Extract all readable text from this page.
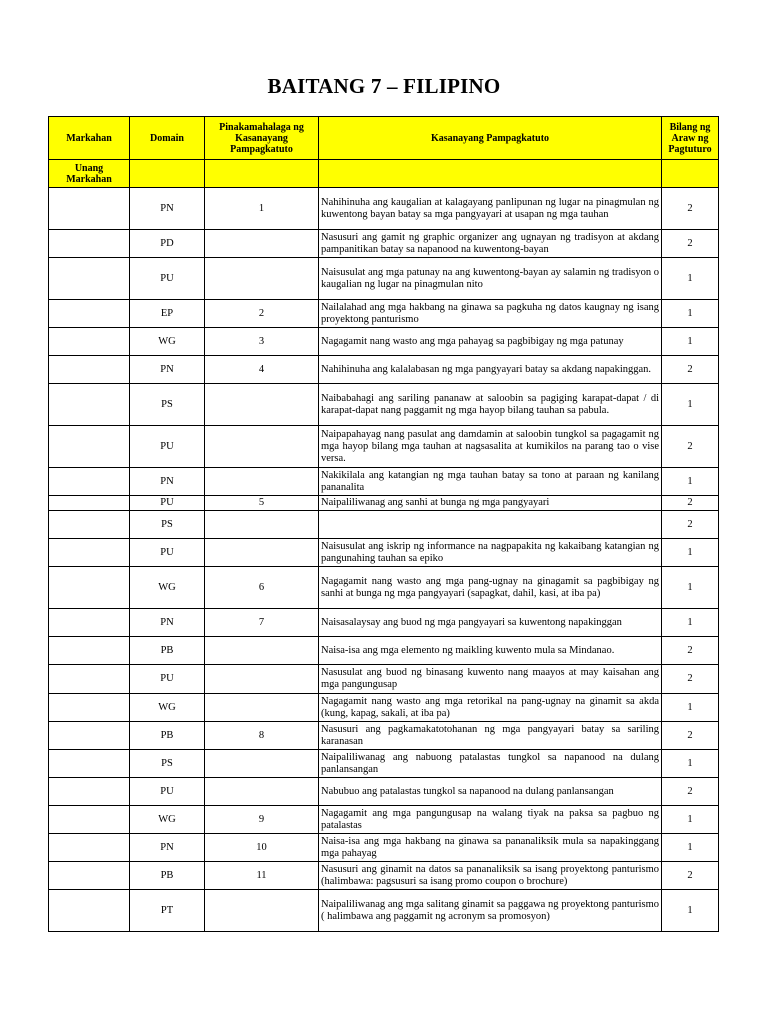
BAITANG 7 – FILIPINO
Markahan	Domain	Pinakamahalaga ng Kasanayang Pampagkatuto	Kasanayang Pampagkatuto	Bilang ng Araw ng Pagtuturo
Unang Markahan				
	PN	1	Nahihinuha ang kaugalian at kalagayang panlipunan ng lugar na pinagmulan ng kuwentong bayan batay sa mga pangyayari at usapan ng mga tauhan	2
	PD		Nasusuri ang gamit ng graphic organizer ang ugnayan ng tradisyon at akdang pampanitikan batay sa napanood na kuwentong-bayan	2
	PU		Naisusulat ang mga patunay na ang kuwentong-bayan ay salamin ng tradisyon o kaugalian ng lugar na pinagmulan nito	1
	EP	2	Nailalahad ang mga hakbang na ginawa sa pagkuha ng datos kaugnay ng isang proyektong panturismo	1
	WG	3	Nagagamit nang wasto ang mga pahayag sa pagbibigay ng mga patunay	1
	PN	4	Nahihinuha ang kalalabasan ng mga pangyayari batay sa akdang napakinggan.	2
	PS		Naibabahagi ang sariling pananaw at saloobin sa pagiging karapat-dapat / di karapat-dapat nang paggamit ng mga hayop bilang tauhan sa pabula.	1
	PU		Naipapahayag nang pasulat ang damdamin at saloobin tungkol sa pagagamit ng mga hayop bilang mga tauhan at nagsasalita at kumikilos na parang tao o vise versa.	2
	PN		Nakikilala ang katangian ng mga tauhan batay sa tono at paraan ng kanilang pananalita	1
	PU	5	Naipaliliwanag ang sanhi at bunga ng mga pangyayari	2
	PS			2
	PU		Naisusulat ang iskrip ng informance na nagpapakita ng kakaibang katangian ng pangunahing tauhan sa epiko	1
	WG	6	Nagagamit nang wasto ang mga pang-ugnay na ginagamit sa pagbibigay ng sanhi at bunga ng mga pangyayari (sapagkat, dahil, kasi, at iba pa)	1
	PN	7	Naisasalaysay ang buod ng mga pangyayari sa kuwentong napakinggan	1
	PB		Naisa-isa ang mga elemento ng maikling kuwento mula sa Mindanao.	2
	PU		Nasusulat ang buod ng binasang kuwento nang maayos at may kaisahan ang mga pangungusap	2
	WG		Nagagamit nang wasto ang mga retorikal na pang-ugnay na ginamit sa akda (kung, kapag, sakali, at iba pa)	1
	PB	8	Nasusuri ang pagkamakatotohanan ng mga pangyayari batay sa sariling karanasan	2
	PS		Naipaliliwanag ang nabuong patalastas tungkol sa napanood na dulang panlansangan	1
	PU		Nabubuo ang patalastas tungkol sa napanood na dulang panlansangan	2
	WG	9	Nagagamit ang mga pangungusap na walang tiyak na paksa sa pagbuo ng patalastas	1
	PN	10	Naisa-isa ang mga hakbang na ginawa sa pananaliksik mula sa napakinggang mga pahayag	1
	PB	11	Nasusuri ang ginamit na datos sa pananaliksik sa isang proyektong panturismo (halimbawa: pagsusuri sa isang promo coupon o brochure)	2
	PT		Naipaliliwanag ang mga salitang ginamit sa paggawa ng proyektong panturismo ( halimbawa ang paggamit ng acronym sa promosyon)	1
